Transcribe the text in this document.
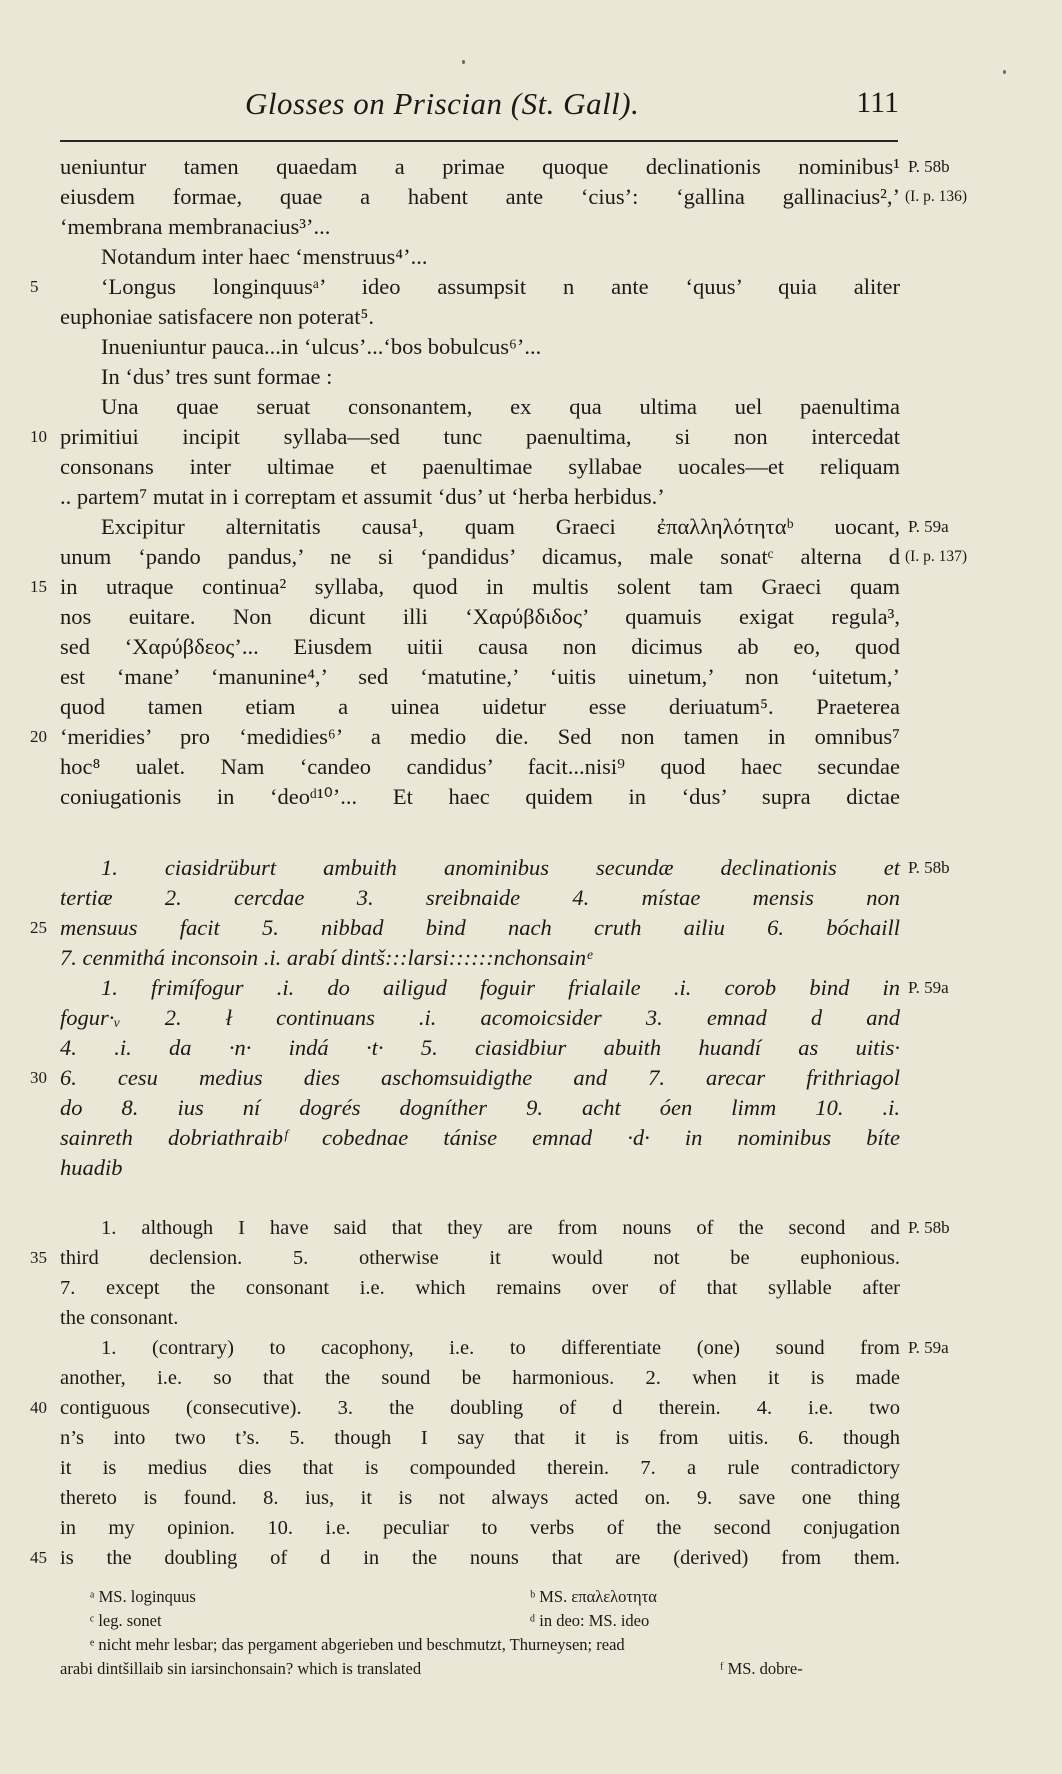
Glosses on Priscian (St. Gall).	111
ueniuntur tamen quaedam a primae quoque declinationis nominibus¹
eiusdem formae, quae a habent ante ‘cius’: ‘gallina gallinacius²,’
‘membrana membranacius³’...
Notandum inter haec ‘menstruus⁴’...
‘Longus longinquusᵃ’ ideo assumpsit n ante ‘quus’ quia aliter
euphoniae satisfacere non poterat⁵.
Inueniuntur pauca...in ‘ulcus’...‘bos bobulcus⁶’...
In ‘dus’ tres sunt formae :
Una quae seruat consonantem, ex qua ultima uel paenultima
primitiui incipit syllaba—sed tunc paenultima, si non intercedat
consonans inter ultimae et paenultimae syllabae uocales—et reliquam
.. partem⁷ mutat in i correptam et assumit ‘dus’ ut ‘herba herbidus.’
Excipitur alternitatis causa¹, quam Graeci ἐπαλληλότηταᵇ uocant,
unum ‘pando pandus,’ ne si ‘pandidus’ dicamus, male sonatᶜ alterna d
in utraque continua² syllaba, quod in multis solent tam Graeci quam
nos euitare. Non dicunt illi ‘Χαρύβδιδος’ quamuis exigat regula³,
sed ‘Χαρύβδεος’... Eiusdem uitii causa non dicimus ab eo, quod
est ‘mane’ ‘manunine⁴,’ sed ‘matutine,’ ‘uitis uinetum,’ non ‘uitetum,’
quod tamen etiam a uinea uidetur esse deriuatum⁵. Praeterea
‘meridies’ pro ‘medidies⁶’ a medio die. Sed non tamen in omnibus⁷
hoc⁸ ualet. Nam ‘candeo candidus’ facit...nisi⁹ quod haec secundae
coniugationis in ‘deoᵈ¹⁰’... Et haec quidem in ‘dus’ supra dictae
1. ciasidrüburt ambuith anominibus secundæ declinationis et
tertiæ 2. cercdae 3. sreibnaide 4. místae mensis non
mensuus facit 5. nibbad bind nach cruth ailiu 6. bóchaill
7. cenmithá inconsoin .i. arabí dintš:::larsi::::::nchonsainᵉ
1. frimífogur .i. do ailigud foguir frialaile .i. corob bind in
fogur·ᵥ 2. ł continuans .i. acomoicsider 3. emnad d and
4. .i. da ·n· indá ·t· 5. ciasidbiur abuith huandí as uitis·
6. cesu medius dies aschomsuidigthe and 7. arecar frithriagol
do 8. ius ní dogrés dogníther 9. acht óen limm 10. .i.
sainreth dobriathraibᶠ cobednae tánise emnad ·d· in nominibus bíte
huadib
1. although I have said that they are from nouns of the second and
third declension. 5. otherwise it would not be euphonious.
7. except the consonant i.e. which remains over of that syllable after
the consonant.
1. (contrary) to cacophony, i.e. to differentiate (one) sound from
another, i.e. so that the sound be harmonious. 2. when it is made
contiguous (consecutive). 3. the doubling of d therein. 4. i.e. two
n’s into two t’s. 5. though I say that it is from uitis. 6. though
it is medius dies that is compounded therein. 7. a rule contradictory
thereto is found. 8. ius, it is not always acted on. 9. save one thing
in my opinion. 10. i.e. peculiar to verbs of the second conjugation
is the doubling of d in the nouns that are (derived) from them.
5
10
15
20
25
30
35
40
45
P. 58b
(I. p. 136)
P. 59a
(I. p. 137)
P. 58b
P. 59a
P. 58b
P. 59a
ᵃ MS. loginquus	ᵇ MS. επαλελοτητα
ᶜ leg. sonet	ᵈ in deo: MS. ideo
ᵉ nicht mehr lesbar; das pergament abgerieben und beschmutzt, Thurneysen; read
arabi dintšillaib sin iarsinchonsain? which is translated	ᶠ MS. dobre-
